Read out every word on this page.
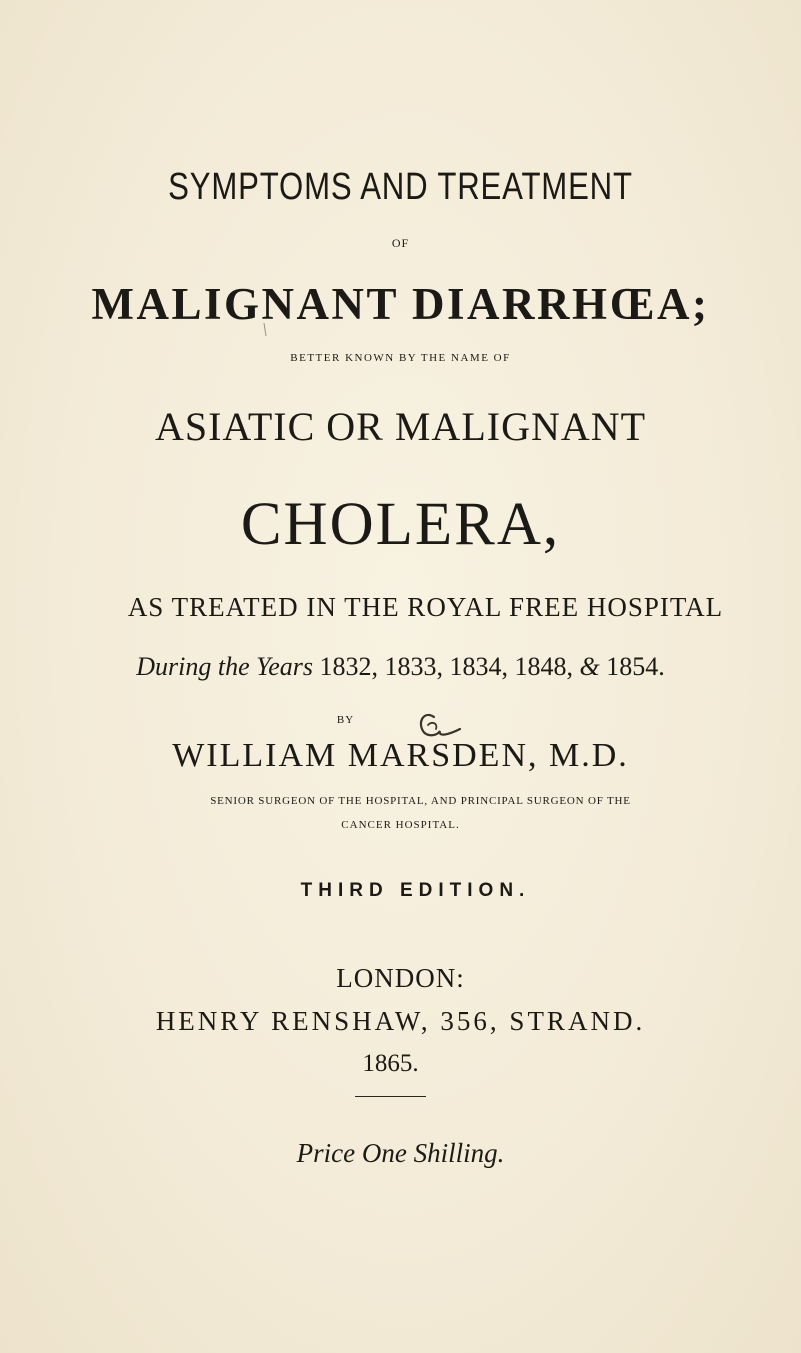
SYMPTOMS AND TREATMENT
OF
MALIGNANT DIARRHŒA;
BETTER KNOWN BY THE NAME OF
ASIATIC OR MALIGNANT
CHOLERA,
AS TREATED IN THE ROYAL FREE HOSPITAL
During the Years 1832, 1833, 1834, 1848, & 1854.
BY
WILLIAM MARSDEN, M.D.
SENIOR SURGEON OF THE HOSPITAL, AND PRINCIPAL SURGEON OF THE
CANCER HOSPITAL.
THIRD EDITION.
LONDON:
HENRY RENSHAW, 356, STRAND.
1865.
Price One Shilling.
